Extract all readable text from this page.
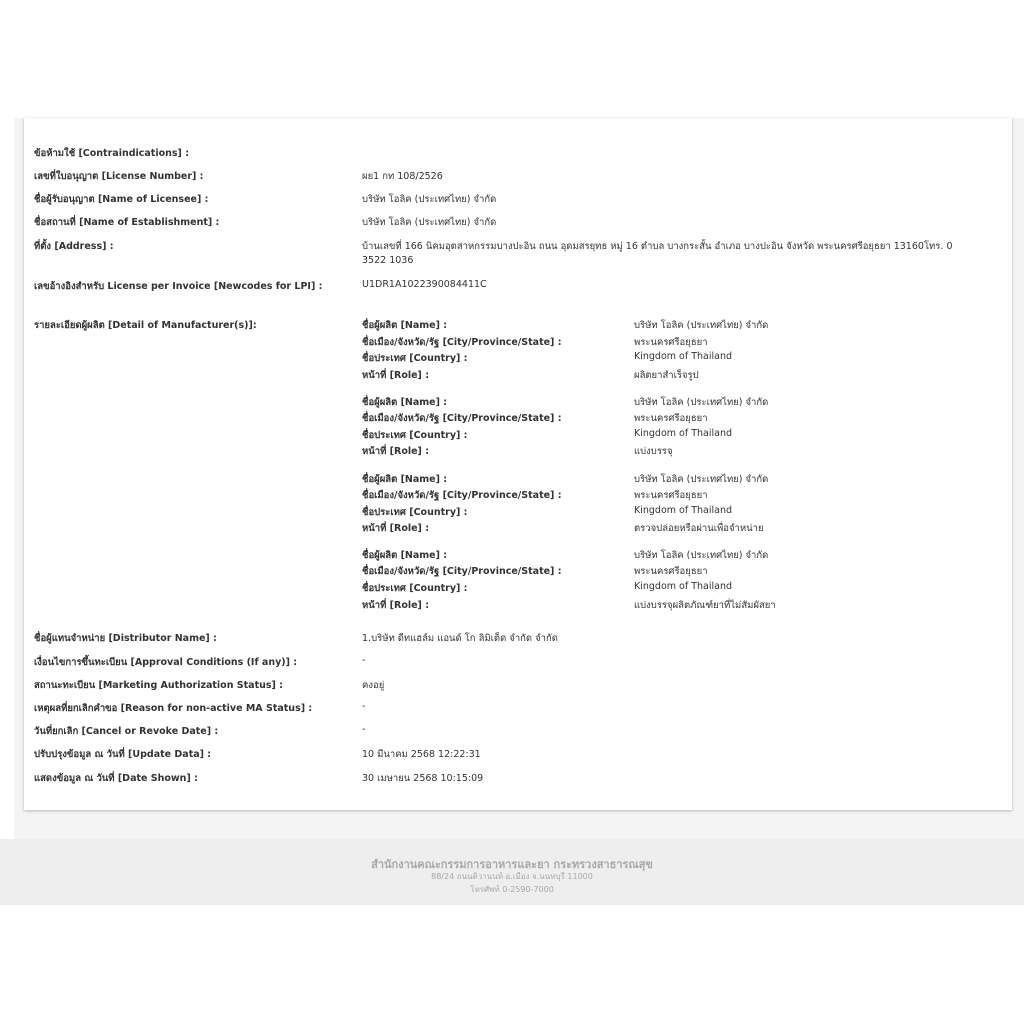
ข้อห้ามใช้ [Contraindications] :
เลขที่ใบอนุญาต [License Number] :	ผย1 กท 108/2526
ชื่อผู้รับอนุญาต [Name of Licensee] :	บริษัท โอลิค (ประเทศไทย) จำกัด
ชื่อสถานที่ [Name of Establishment] :	บริษัท โอลิค (ประเทศไทย) จำกัด
ที่ตั้ง [Address] :	บ้านเลขที่ 166 นิคมอุตสาหกรรมบางปะอิน ถนน อุดมสรยุทธ หมู่ 16 ตำบล บางกระสั้น อำเภอ บางปะอิน จังหวัด พระนครศรีอยุธยา 13160โทร. 0
3522 1036
เลขอ้างอิงสำหรับ License per Invoice [Newcodes for LPI] :	U1DR1A1022390084411C
รายละเอียดผู้ผลิต [Detail of Manufacturer(s)]:	ชื่อผู้ผลิต [Name] :	บริษัท โอลิค (ประเทศไทย) จำกัด
ชื่อเมือง/จังหวัด/รัฐ [City/Province/State] :	พระนครศรีอยุธยา
ชื่อประเทศ [Country] :	Kingdom of Thailand
หน้าที่ [Role] :	ผลิตยาสำเร็จรูป
ชื่อผู้ผลิต [Name] :	บริษัท โอลิค (ประเทศไทย) จำกัด
ชื่อเมือง/จังหวัด/รัฐ [City/Province/State] :	พระนครศรีอยุธยา
ชื่อประเทศ [Country] :	Kingdom of Thailand
หน้าที่ [Role] :	แบ่งบรรจุ
ชื่อผู้ผลิต [Name] :	บริษัท โอลิค (ประเทศไทย) จำกัด
ชื่อเมือง/จังหวัด/รัฐ [City/Province/State] :	พระนครศรีอยุธยา
ชื่อประเทศ [Country] :	Kingdom of Thailand
หน้าที่ [Role] :	ตรวจปล่อยหรือผ่านเพื่อจำหน่าย
ชื่อผู้ผลิต [Name] :	บริษัท โอลิค (ประเทศไทย) จำกัด
ชื่อเมือง/จังหวัด/รัฐ [City/Province/State] :	พระนครศรีอยุธยา
ชื่อประเทศ [Country] :	Kingdom of Thailand
หน้าที่ [Role] :	แบ่งบรรจุผลิตภัณฑ์ยาที่ไม่สัมผัสยา
ชื่อผู้แทนจำหน่าย [Distributor Name] :	1.บริษัท ดีทแฮล์ม แอนด์ โก ลิมิเต็ด จำกัด จำกัด
เงื่อนไขการขึ้นทะเบียน [Approval Conditions (If any)] :	-
สถานะทะเบียน [Marketing Authorization Status] :	คงอยู่
เหตุผลที่ยกเลิกคำขอ [Reason for non-active MA Status] :	-
วันที่ยกเลิก [Cancel or Revoke Date] :	-
ปรับปรุงข้อมูล ณ วันที่ [Update Data] :	10 มีนาคม 2568 12:22:31
แสดงข้อมูล ณ วันที่ [Date Shown] :	30 เมษายน 2568 10:15:09
สำนักงานคณะกรรมการอาหารและยา กระทรวงสาธารณสุข
88/24 ถนนติวานนท์ อ.เมือง จ.นนทบุรี 11000
โทรศัพท์ 0-2590-7000
